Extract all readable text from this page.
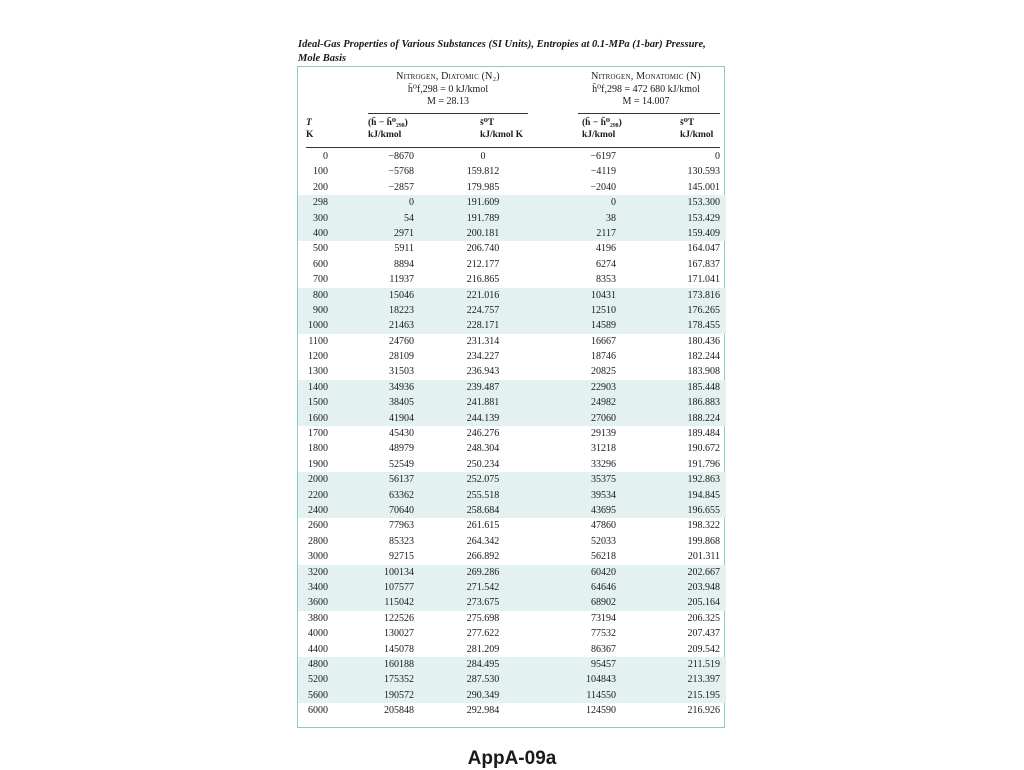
Ideal-Gas Properties of Various Substances (SI Units), Entropies at 0.1-MPa (1-bar) Pressure, Mole Basis
Nitrogen, Diatomic (N₂)
h̄⁰f,298 = 0 kJ/kmol
M = 28.13
Nitrogen, Monatomic (N)
h̄⁰f,298 = 472 680 kJ/kmol
M = 14.007
T
K
(h̄ − h̄⁰₂₉₈)
kJ/kmol
s̄⁰T
kJ/kmol K
(h̄ − h̄⁰₂₉₈)
kJ/kmol
s̄⁰T
kJ/kmol
0	−8670	0	−6197	0
100	−5768	159.812	−4119	130.593
200	−2857	179.985	−2040	145.001
298	0	191.609	0	153.300
300	54	191.789	38	153.429
400	2971	200.181	2117	159.409
500	5911	206.740	4196	164.047
600	8894	212.177	6274	167.837
700	11937	216.865	8353	171.041
800	15046	221.016	10431	173.816
900	18223	224.757	12510	176.265
1000	21463	228.171	14589	178.455
1100	24760	231.314	16667	180.436
1200	28109	234.227	18746	182.244
1300	31503	236.943	20825	183.908
1400	34936	239.487	22903	185.448
1500	38405	241.881	24982	186.883
1600	41904	244.139	27060	188.224
1700	45430	246.276	29139	189.484
1800	48979	248.304	31218	190.672
1900	52549	250.234	33296	191.796
2000	56137	252.075	35375	192.863
2200	63362	255.518	39534	194.845
2400	70640	258.684	43695	196.655
2600	77963	261.615	47860	198.322
2800	85323	264.342	52033	199.868
3000	92715	266.892	56218	201.311
3200	100134	269.286	60420	202.667
3400	107577	271.542	64646	203.948
3600	115042	273.675	68902	205.164
3800	122526	275.698	73194	206.325
4000	130027	277.622	77532	207.437
4400	145078	281.209	86367	209.542
4800	160188	284.495	95457	211.519
5200	175352	287.530	104843	213.397
5600	190572	290.349	114550	215.195
6000	205848	292.984	124590	216.926
AppA-09a
